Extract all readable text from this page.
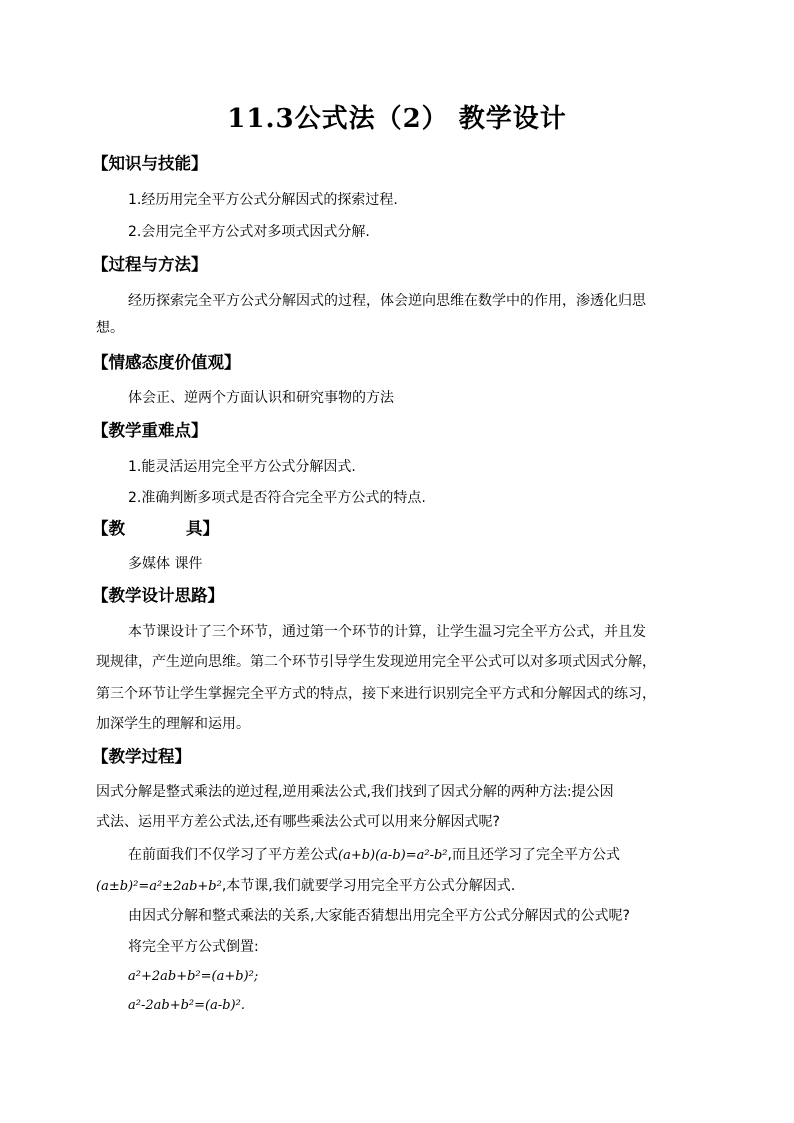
11.3公式法（2） 教学设计
【知识与技能】
1.经历用完全平方公式分解因式的探索过程.
2.会用完全平方公式对多项式因式分解.
【过程与方法】
经历探索完全平方公式分解因式的过程，体会逆向思维在数学中的作用，渗透化归思
想。
【情感态度价值观】
体会正、逆两个方面认识和研究事物的方法
【教学重难点】
1.能灵活运用完全平方公式分解因式.
2.准确判断多项式是否符合完全平方公式的特点.
【教	具】
多媒体 课件
【教学设计思路】
本节课设计了三个环节，通过第一个环节的计算，让学生温习完全平方公式，并且发
现规律，产生逆向思维。第二个环节引导学生发现逆用完全平公式可以对多项式因式分解，
第三个环节让学生掌握完全平方式的特点，接下来进行识别完全平方式和分解因式的练习，
加深学生的理解和运用。
【教学过程】
因式分解是整式乘法的逆过程,逆用乘法公式,我们找到了因式分解的两种方法:提公因
式法、运用平方差公式法,还有哪些乘法公式可以用来分解因式呢?
在前面我们不仅学习了平方差公式(a+b)(a-b)=a²-b²,而且还学习了完全平方公式
(a±b)²=a²±2ab+b²,本节课,我们就要学习用完全平方公式分解因式.
由因式分解和整式乘法的关系,大家能否猜想出用完全平方公式分解因式的公式呢?
将完全平方公式倒置:
a²+2ab+b²=(a+b)²;
a²-2ab+b²=(a-b)².
